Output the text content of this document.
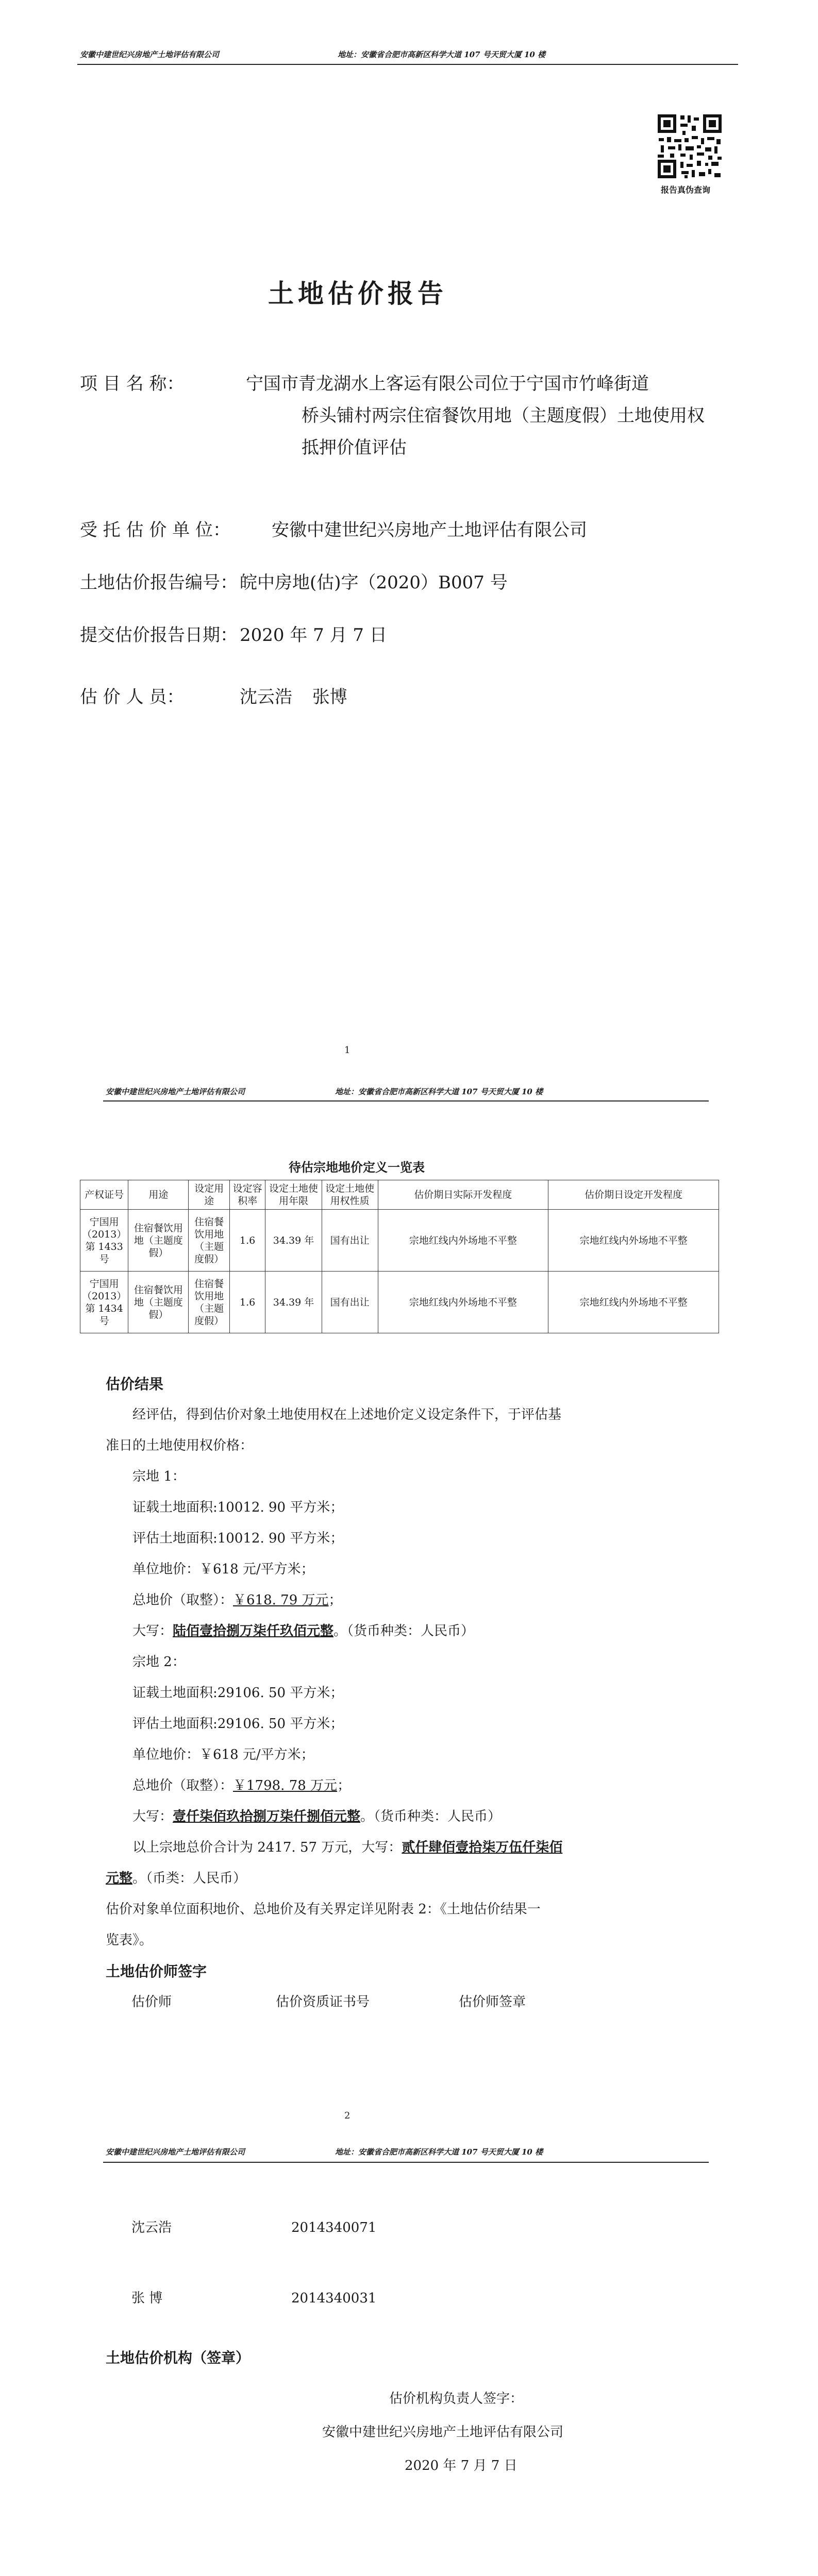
安徽中建世纪兴房地产土地评估有限公司	地址：安徽省合肥市高新区科学大道 107 号天贸大厦 10 楼
报告真伪查询
土地估价报告
项 目 名 称：	宁国市青龙湖水上客运有限公司位于宁国市竹峰街道
桥头铺村两宗住宿餐饮用地（主题度假）土地使用权
抵押价值评估
受 托 估 价 单 位： 安徽中建世纪兴房地产土地评估有限公司
土地估价报告编号： 皖中房地(估)字（2020）B007 号
提交估价报告日期： 2020 年 7 月 7 日
估 价 人 员：	沈云浩 张博
1
安徽中建世纪兴房地产土地评估有限公司	地址：安徽省合肥市高新区科学大道 107 号天贸大厦 10 楼
待估宗地地价定义一览表
产权证号	用途	设定用途	设定容积率	设定土地使用年限	设定土地使用权性质	估价期日实际开发程度	估价期日设定开发程度
宁国用（2013）第 1433 号	住宿餐饮用地（主题度假）	住宿餐饮用地（主题度假）	1.6	34.39 年	国有出让	宗地红线内外场地不平整	宗地红线内外场地不平整
宁国用（2013）第 1434 号	住宿餐饮用地（主题度假）	住宿餐饮用地（主题度假）	1.6	34.39 年	国有出让	宗地红线内外场地不平整	宗地红线内外场地不平整
估价结果
经评估，得到估价对象土地使用权在上述地价定义设定条件下，于评估基
准日的土地使用权价格：
宗地 1：
证载土地面积:10012. 90 平方米；
评估土地面积:10012. 90 平方米；
单位地价：￥618 元/平方米；
总地价（取整）：￥618. 79 万元；
大写：陆佰壹拾捌万柒仟玖佰元整。（货币种类：人民币）
宗地 2：
证载土地面积:29106. 50 平方米；
评估土地面积:29106. 50 平方米；
单位地价：￥618 元/平方米；
总地价（取整）：￥1798. 78 万元；
大写：壹仟柒佰玖拾捌万柒仟捌佰元整。（货币种类：人民币）
以上宗地总价合计为 2417. 57 万元，大写：贰仟肆佰壹拾柒万伍仟柒佰
元整。（币类：人民币）
估价对象单位面积地价、总地价及有关界定详见附表 2：《土地估价结果一
览表》。
土地估价师签字
估价师	估价资质证书号	估价师签章
2
安徽中建世纪兴房地产土地评估有限公司	地址：安徽省合肥市高新区科学大道 107 号天贸大厦 10 楼
沈云浩	2014340071
张 博	2014340031
土地估价机构（签章）
估价机构负责人签字：
安徽中建世纪兴房地产土地评估有限公司
2020 年 7 月 7 日
